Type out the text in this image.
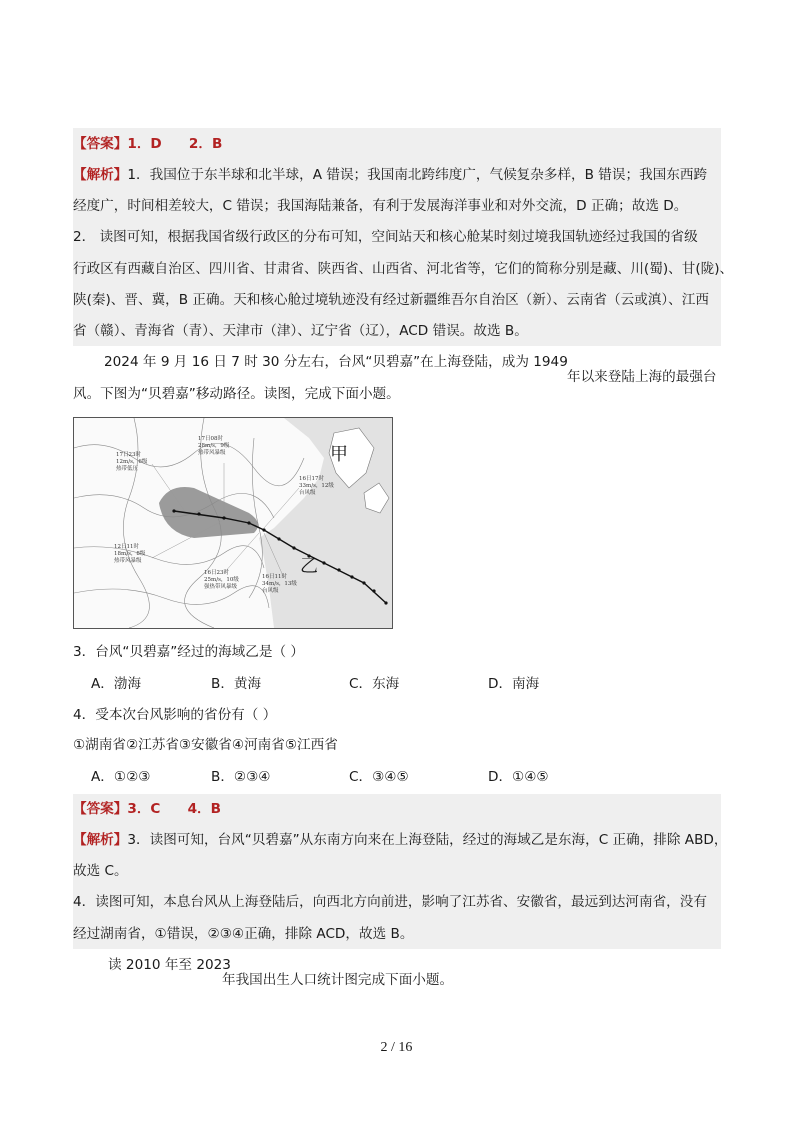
【答案】1．D　　2．B
【解析】1．我国位于东半球和北半球，A 错误；我国南北跨纬度广，气候复杂多样，B 错误；我国东西跨
经度广，时间相差较大，C 错误；我国海陆兼备，有利于发展海洋事业和对外交流，D 正确；故选 D。
2． 读图可知，根据我国省级行政区的分布可知，空间站天和核心舱某时刻过境我国轨迹经过我国的省级
行政区有西藏自治区、四川省、甘肃省、陕西省、山西省、河北省等，它们的简称分别是藏、川(蜀)、甘(陇)、
陕(秦)、晋、冀，B 正确。天和核心舱过境轨迹没有经过新疆维吾尔自治区（新）、云南省（云或滇）、江西
省（赣）、青海省（青）、天津市（津）、辽宁省（辽），ACD 错误。故选 B。
2024 年 9 月 16 日 7 时 30 分左右，台风“贝碧嘉”在上海登陆，成为 1949
年以来登陆上海的最强台
风。下图为“贝碧嘉”移动路径。读图，完成下面小题。
17日23时
12m/s，6级
热带低压
17日08时
28m/s，9级
热带风暴级
16日17时
33m/s，12级
台风级
12日11时
18m/s，8级
热带风暴级
16日23时
25m/s，10级
强热带风暴级
16日11时
34m/s，13级
台风级
甲
乙
3．台风“贝碧嘉”经过的海域乙是（ ）
A．渤海	B．黄海	C．东海	D．南海
4．受本次台风影响的省份有（ ）
①湖南省②江苏省③安徽省④河南省⑤江西省
A．①②③	B．②③④	C．③④⑤	D．①④⑤
【答案】3．C　　4．B
【解析】3．读图可知，台风“贝碧嘉”从东南方向来在上海登陆，经过的海域乙是东海，C 正确，排除 ABD，
故选 C。
4．读图可知，本息台风从上海登陆后，向西北方向前进，影响了江苏省、安徽省，最远到达河南省，没有
经过湖南省，①错误，②③④正确，排除 ACD，故选 B。
读 2010 年至 2023
年我国出生人口统计图完成下面小题。
2 / 16
